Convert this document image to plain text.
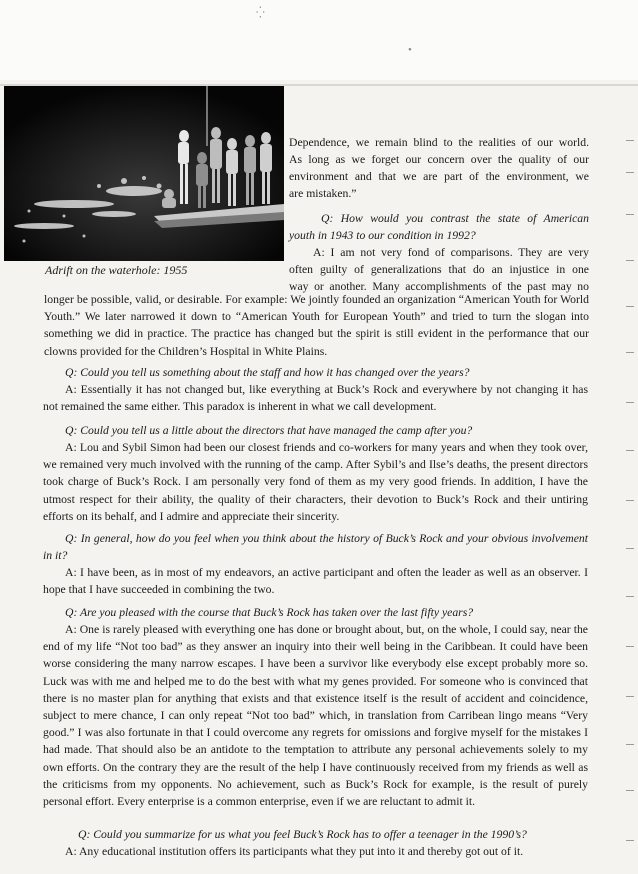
⁛
•
Adrift on the waterhole: 1955
Dependence, we remain blind to the realities of our world.
As long as we forget our concern over the quality of our
environment and that we are part of the environment, we
are mistaken.”
Q: How would you contrast the state of American
youth in 1943 to our condition in 1992?
A: I am not very fond of comparisons. They are very
often guilty of generalizations that do an injustice in one
way or another. Many accomplishments of the past may no
longer be possible, valid, or desirable. For example: We jointly founded an organization “American Youth for World Youth.” We later narrowed it down to “American Youth for European Youth” and tried to turn the slogan into something we did in practice. The practice has changed but the spirit is still evident in the performance that our clowns provided for the Children’s Hospital in White Plains.
Q: Could you tell us something about the staff and how it has changed over the years?
A: Essentially it has not changed but, like everything at Buck’s Rock and everywhere by not changing it has not remained the same either. This paradox is inherent in what we call development.
Q: Could you tell us a little about the directors that have managed the camp after you?
A: Lou and Sybil Simon had been our closest friends and co-workers for many years and when they took over, we remained very much involved with the running of the camp. After Sybil’s and Ilse’s deaths, the present directors took charge of Buck’s Rock. I am personally very fond of them as my very good friends. In addition, I have the utmost respect for their ability, the quality of their characters, their devotion to Buck’s Rock and their untiring efforts on its behalf, and I admire and appreciate their sincerity.
Q: In general, how do you feel when you think about the history of Buck’s Rock and your obvious involvement in it?
A: I have been, as in most of my endeavors, an active participant and often the leader as well as an observer. I hope that I have succeeded in combining the two.
Q: Are you pleased with the course that Buck’s Rock has taken over the last fifty years?
A: One is rarely pleased with everything one has done or brought about, but, on the whole, I could say, near the end of my life “Not too bad” as they answer an inquiry into their well being in the Caribbean. It could have been worse considering the many narrow escapes. I have been a survivor like everybody else except probably more so. Luck was with me and helped me to do the best with what my genes provided. For someone who is convinced that there is no master plan for anything that exists and that existence itself is the result of accident and coincidence, subject to mere chance, I can only repeat “Not too bad” which, in translation from Carribean lingo means “Very good.” I was also fortunate in that I could overcome any regrets for omissions and forgive myself for the mistakes I had made. That should also be an antidote to the temptation to attribute any personal achievements solely to my own efforts. On the contrary they are the result of the help I have continuously received from my friends as well as the criticisms from my opponents. No achievement, such as Buck’s Rock for example, is the result of purely personal effort. Every enterprise is a common enterprise, even if we are reluctant to admit it.
Q: Could you summarize for us what you feel Buck’s Rock has to offer a teenager in the 1990’s?
A: Any educational institution offers its participants what they put into it and thereby got out of it.
